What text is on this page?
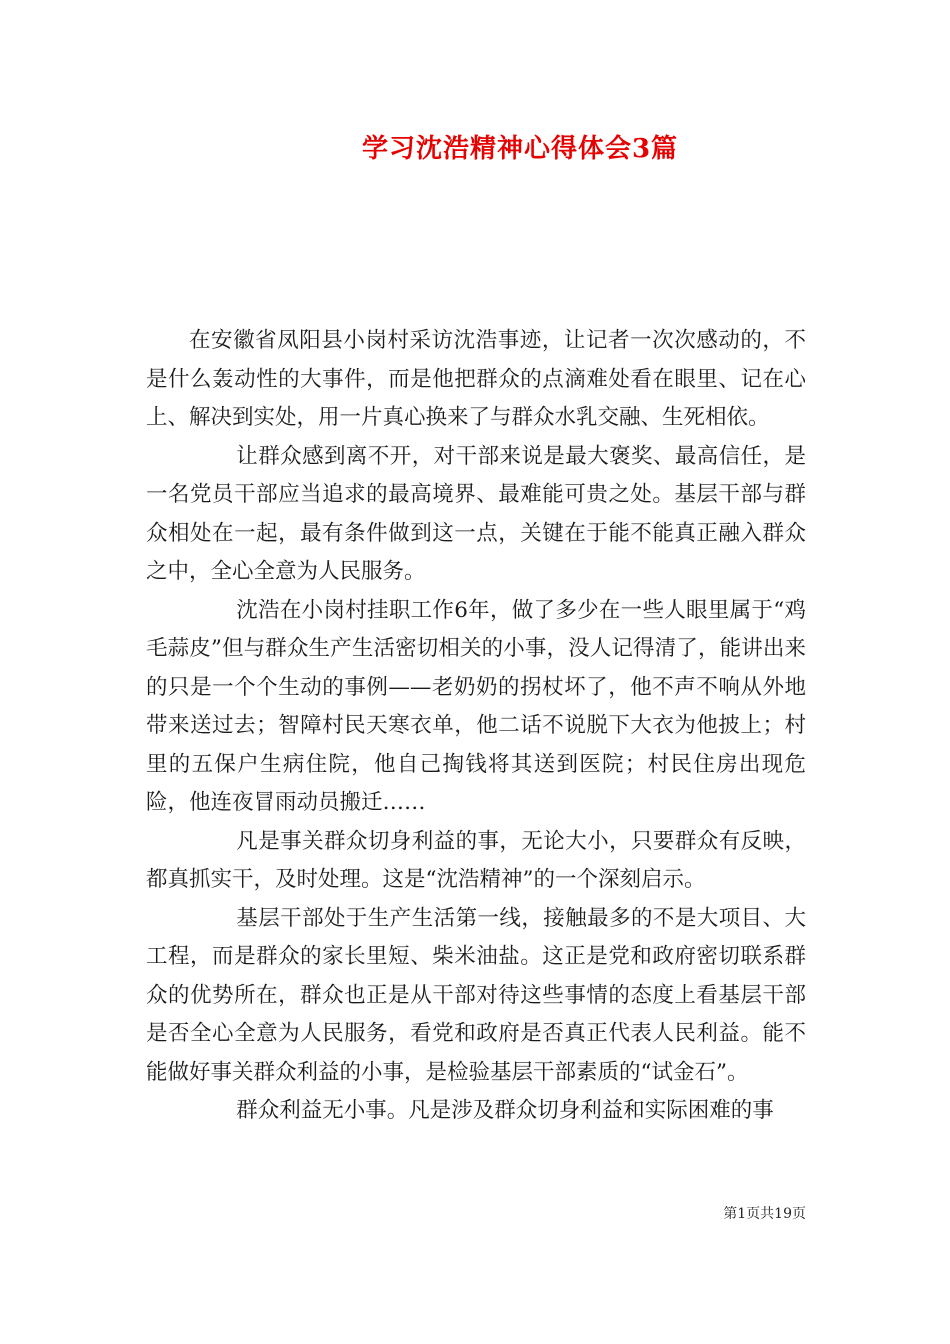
学习沈浩精神心得体会3篇

在安徽省凤阳县小岗村采访沈浩事迹，让记者一次次感动的，不是什么轰动性的大事件，而是他把群众的点滴难处看在眼里、记在心上、解决到实处，用一片真心换来了与群众水乳交融、生死相依。

让群众感到离不开，对干部来说是最大褒奖、最高信任，是一名党员干部应当追求的最高境界、最难能可贵之处。基层干部与群众相处在一起，最有条件做到这一点，关键在于能不能真正融入群众之中，全心全意为人民服务。

沈浩在小岗村挂职工作6年，做了多少在一些人眼里属于“鸡毛蒜皮”但与群众生产生活密切相关的小事，没人记得清了，能讲出来的只是一个个生动的事例——老奶奶的拐杖坏了，他不声不响从外地带来送过去；智障村民天寒衣单，他二话不说脱下大衣为他披上；村里的五保户生病住院，他自己掏钱将其送到医院；村民住房出现危险，他连夜冒雨动员搬迁……

凡是事关群众切身利益的事，无论大小，只要群众有反映，都真抓实干，及时处理。这是“沈浩精神”的一个深刻启示。

基层干部处于生产生活第一线，接触最多的不是大项目、大工程，而是群众的家长里短、柴米油盐。这正是党和政府密切联系群众的优势所在，群众也正是从干部对待这些事情的态度上看基层干部是否全心全意为人民服务，看党和政府是否真正代表人民利益。能不能做好事关群众利益的小事，是检验基层干部素质的“试金石”。

群众利益无小事。凡是涉及群众切身利益和实际困难的事

第1页共19页
